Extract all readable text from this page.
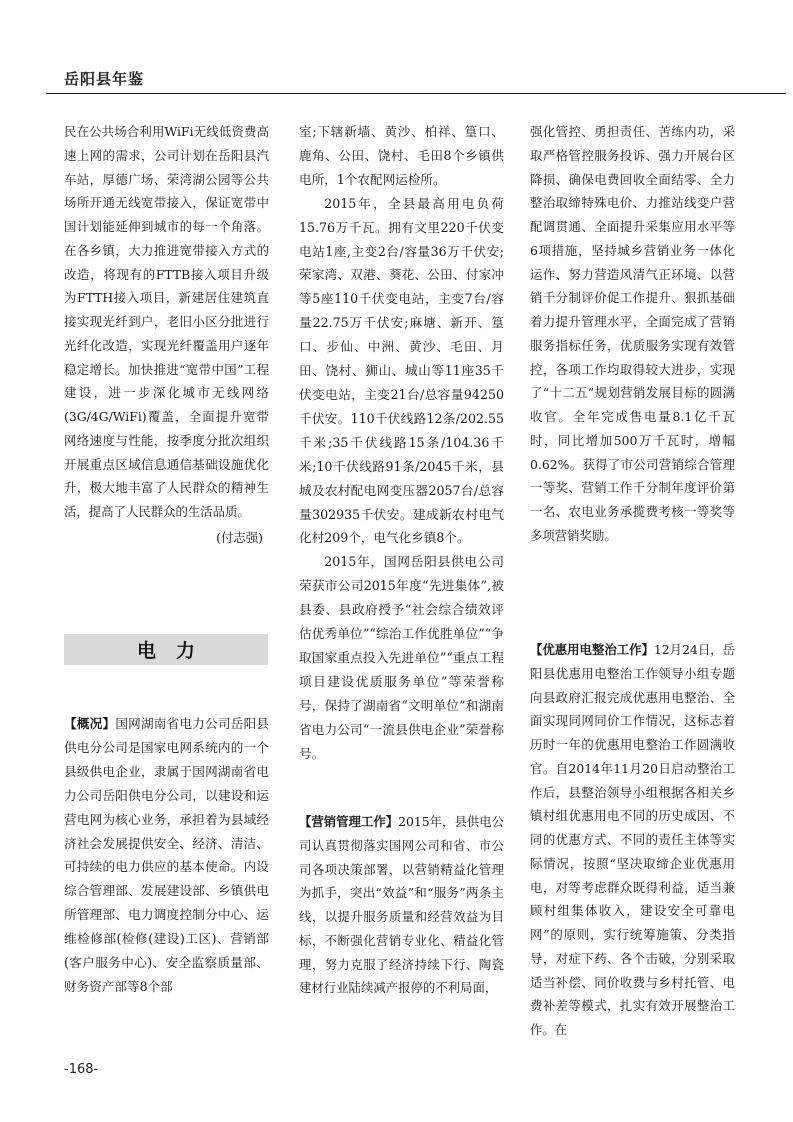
岳阳县年鉴

民在公共场合利用WiFi无线低资费高速上网的需求，公司计划在岳阳县汽车站，厚德广场、荣湾湖公园等公共场所开通无线宽带接入，保证宽带中国计划能延伸到城市的每一个角落。在各乡镇，大力推进宽带接入方式的改造，将现有的FTTB接入项目升级为FTTH接入项目，新建居住建筑直接实现光纤到户，老旧小区分批进行光纤化改造，实现光纤覆盖用户逐年稳定增长。加快推进“宽带中国”工程建设，进一步深化城市无线网络(3G/4G/WiFi)覆盖，全面提升宽带网络速度与性能，按季度分批次组织开展重点区域信息通信基础设施优化升，极大地丰富了人民群众的精神生活，提高了人民群众的生活品质。

(付志强)

电力

【概况】国网湖南省电力公司岳阳县供电分公司是国家电网系统内的一个县级供电企业，隶属于国网湖南省电力公司岳阳供电分公司，以建设和运营电网为核心业务，承担着为县域经济社会发展提供安全、经济、清洁、可持续的电力供应的基本使命。内设综合管理部、发展建设部、乡镇供电所管理部、电力调度控制分中心、运维检修部(检修(建设)工区)、营销部(客户服务中心)、安全监察质量部、财务资产部等8个部

室;下辖新墙、黄沙、柏祥、篁口、鹿角、公田、饶村、毛田8个乡镇供电所，1个农配网运检所。

2015年，全县最高用电负荷15.76万千瓦。拥有文里220千伏变电站1座,主变2台/容量36万千伏安;荣家湾、双港、葵花、公田、付家冲等5座110千伏变电站，主变7台/容量22.75万千伏安;麻塘、新开、篁口、步仙、中洲、黄沙、毛田、月田、饶村、狮山、城山等11座35千伏变电站，主变21台/总容量94250千伏安。110千伏线路12条/202.55千米;35千伏线路15条/104.36千米;10千伏线路91条/2045千米，县城及农村配电网变压器2057台/总容量302935千伏安。建成新农村电气化村209个，电气化乡镇8个。

2015年，国网岳阳县供电公司荣获市公司2015年度“先进集体”,被县委、县政府授予“社会综合绩效评估优秀单位”“综治工作优胜单位”“争取国家重点投入先进单位”“重点工程项目建设优质服务单位”等荣誉称号，保持了湖南省“文明单位”和湖南省电力公司“一流县供电企业”荣誉称号。

【营销管理工作】2015年，县供电公司认真贯彻落实国网公司和省、市公司各项决策部署，以营销精益化管理为抓手，突出“效益”和“服务”两条主线，以提升服务质量和经营效益为目标，不断强化营销专业化、精益化管理，努力克服了经济持续下行、陶瓷建材行业陆续减产报停的不利局面，

强化管控、勇担责任、苦练内功，采取严格管控服务投诉、强力开展台区降损、确保电费回收全面结零、全力整治取缔特殊电价、力推站线变户营配调贯通、全面提升采集应用水平等6项措施，坚持城乡营销业务一体化运作、努力营造风清气正环境、以营销千分制评价促工作提升、狠抓基础着力提升管理水平，全面完成了营销服务指标任务，优质服务实现有效管控，各项工作均取得较大进步，实现了“十二五”规划营销发展目标的圆满收官。全年完成售电量8.1亿千瓦时，同比增加500万千瓦时，增幅0.62%。获得了市公司营销综合管理一等奖、营销工作千分制年度评价第一名、农电业务承揽费考核一等奖等多项营销奖励。

【优惠用电整治工作】12月24日，岳阳县优惠用电整治工作领导小组专题向县政府汇报完成优惠用电整治、全面实现同网同价工作情况，这标志着历时一年的优惠用电整治工作圆满收官。自2014年11月20日启动整治工作后，县整治领导小组根据各相关乡镇村组优惠用电不同的历史成因、不同的优惠方式、不同的责任主体等实际情况，按照“坚决取缔企业优惠用电，对等考虑群众既得利益，适当兼顾村组集体收入，建设安全可靠电网”的原则，实行统筹施策、分类指导，对症下药、各个击破，分别采取适当补偿、同价收费与乡村托管、电费补差等模式，扎实有效开展整治工作。在

-168-
